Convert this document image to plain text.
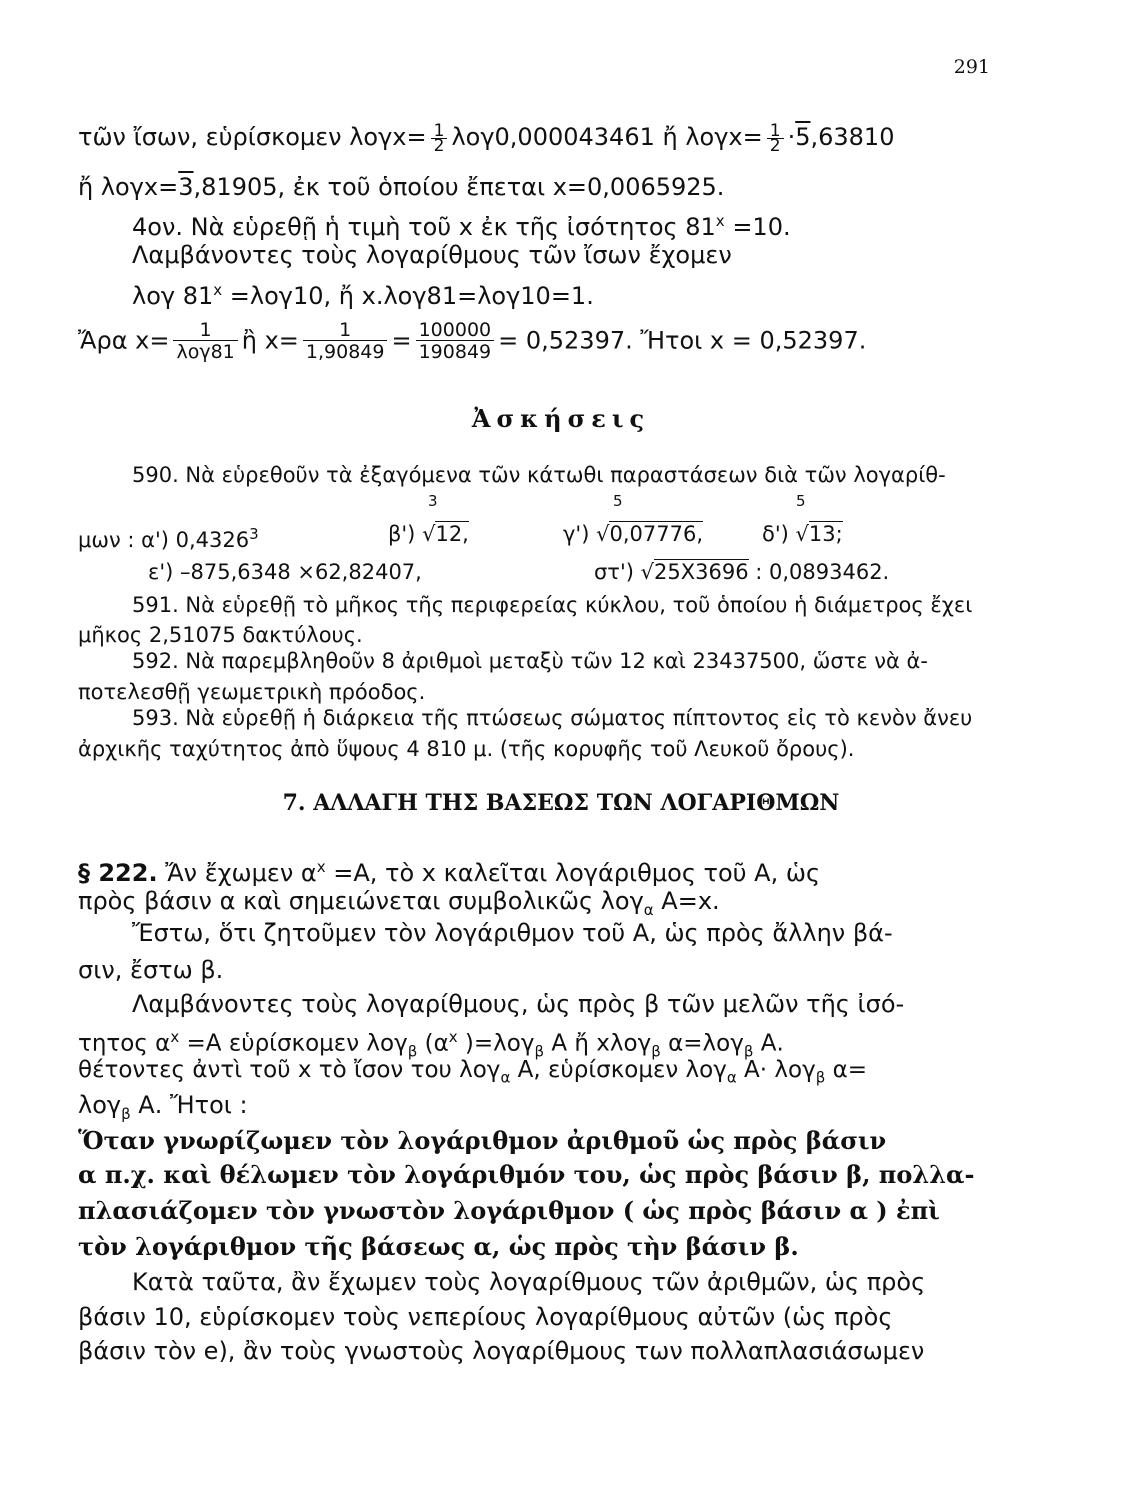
291
τῶν ἴσων, εὑρίσκομεν $\lambda o\gamma x= \frac{1}{2} \lambda o\gamma 0,000043461$ ἤ $\lambda o\gamma x= \frac{1}{2} \cdot 5,63810$
ἤ λογx=3,81905, ἐκ τοῦ ὁποίου ἔπεται x=0,0065925.
4ον. Νὰ εὑρεθῇ ἡ τιμὴ τοῦ x ἐκ τῆς ἰσότητος $81^x =10$.
Λαμβάνοντες τοὺς λογαρίθμους τῶν ἴσων ἔχομεν
λογ $81^x =\lambda o\gamma 10$, ἤ x.λογ81=λογ10=1.
Ἄρα $x= \frac{1}{\text{λογ81}}$ ἢ $x= \frac{1}{1,90849} = \frac{100000}{190849} = 0,52397$. Ἤτοι x = 0,52397.
Ἀσκήσεις
590. Νὰ εὑρεθοῦν τὰ ἐξαγόμενα τῶν κάτωθι παραστάσεων διὰ τῶν λογαρίθ-
3	5	5
μων : α') 0,4326$^3$	β') √ 12,	γ') √ 0,07776,	δ') √ 13;
ε') –875,6348 ×62,82407,	στ') √ 25X3696 : 0,0893462.
591. Νὰ εὑρεθῇ τὸ μῆκος τῆς περιφερείας κύκλου, τοῦ ὁποίου ἡ διάμετρος ἔχει
μῆκος 2,51075 δακτύλους.
592. Νὰ παρεμβληθοῦν 8 ἀριθμοὶ μεταξὺ τῶν 12 καὶ 23437500, ὥστε νὰ ἀ-
ποτελεσθῇ γεωμετρικὴ πρόοδος.
593. Νὰ εὑρεθῇ ἡ διάρκεια τῆς πτώσεως σώματος πίπτοντος εἰς τὸ κενὸν ἄνευ
ἀρχικῆς ταχύτητος ἀπὸ ὕψους 4 810 μ. (τῆς κορυφῆς τοῦ Λευκοῦ ὄρους).
7. ΑΛΛΑΓΗ ΤΗΣ ΒΑΣΕΩΣ ΤΩΝ ΛΟΓΑΡΙΘΜΩΝ
§ 222. Ἄν ἔχωμεν $\alpha^x =A$, τὸ x καλεῖται λογάριθμος τοῦ Α, ὡς
πρὸς βάσιν α καὶ σημειώνεται συμβολικῶς λογ$_\alpha$ Α=x.
Ἔστω, ὅτι ζητοῦμεν τὸν λογάριθμον τοῦ Α, ὡς πρὸς ἄλλην βά-
σιν, ἔστω β.
Λαμβάνοντες τοὺς λογαρίθμους, ὡς πρὸς β τῶν μελῶν τῆς ἰσό-
τητος $\alpha^x =A$ εὑρίσκομεν λογ$_\beta$ ($\alpha^x$ )=λογ$_\beta$ Α ἤ xλογ$_\beta$ α=λογ$_\beta$ Α.
θέτοντες ἀντὶ τοῦ x τὸ ἴσον του λογ$_\alpha$ Α, εὑρίσκομεν λογ$_\alpha$ Α· λογ$_\beta$ α=
λογ$_\beta$ Α. Ἤτοι :
Ὅταν γνωρίζωμεν τὸν λογάριθμον ἀριθμοῦ ὡς πρὸς βάσιν
α π.χ. καὶ θέλωμεν τὸν λογάριθμόν του, ὡς πρὸς βάσιν β, πολλα-
πλασιάζομεν τὸν γνωστὸν λογάριθμον ( ὡς πρὸς βάσιν α ) ἐπὶ
τὸν λογάριθμον τῆς βάσεως α, ὡς πρὸς τὴν βάσιν β.
Κατὰ ταῦτα, ἂν ἔχωμεν τοὺς λογαρίθμους τῶν ἀριθμῶν, ὡς πρὸς
βάσιν 10, εὑρίσκομεν τοὺς νεπερίους λογαρίθμους αὐτῶν (ὡς πρὸς
βάσιν τὸν e), ἂν τοὺς γνωστοὺς λογαρίθμους των πολλαπλασιάσωμεν
